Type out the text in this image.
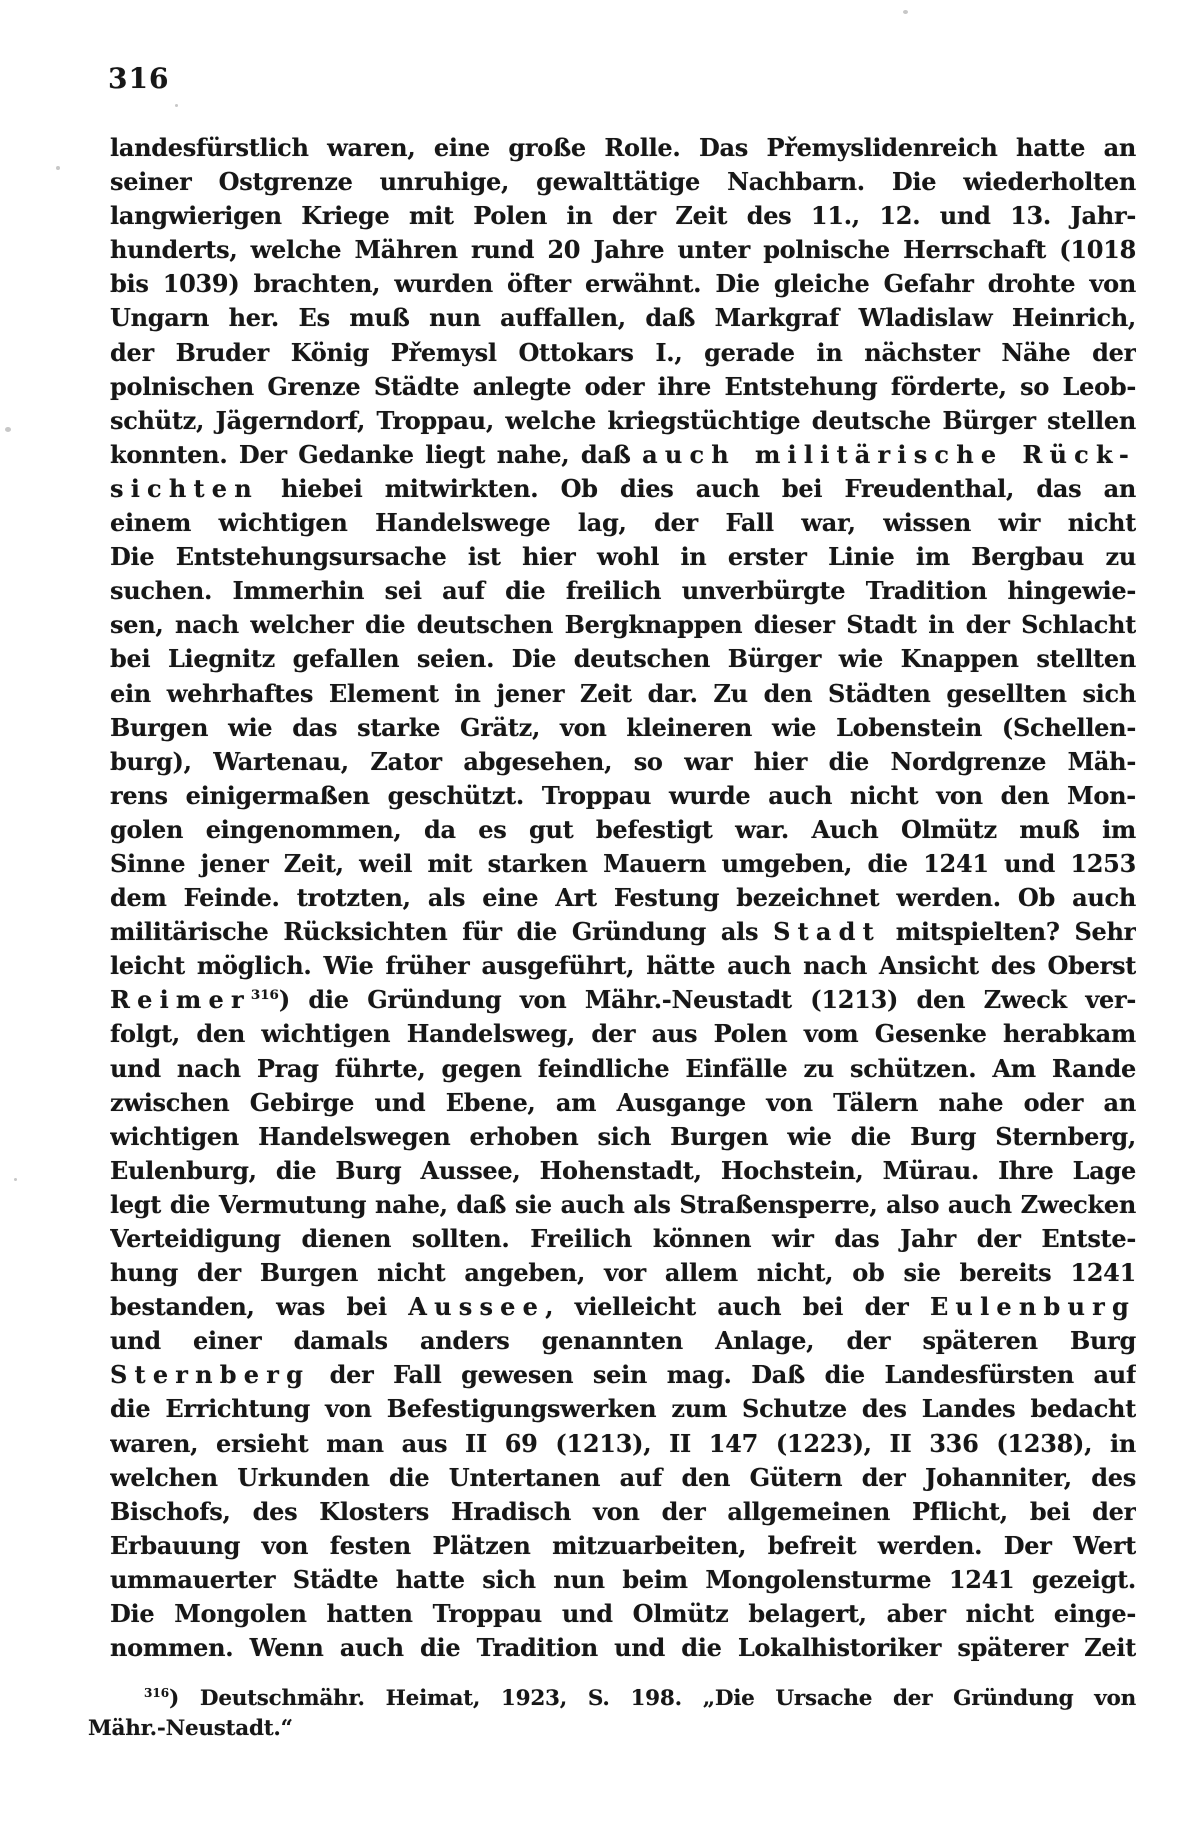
316
landesfürstlich waren, eine große Rolle. Das Přemyslidenreich hatte an
seiner Ostgrenze unruhige, gewalttätige Nachbarn. Die wiederholten
langwierigen Kriege mit Polen in der Zeit des 11., 12. und 13. Jahr-
hunderts, welche Mähren rund 20 Jahre unter polnische Herrschaft (1018
bis 1039) brachten, wurden öfter erwähnt. Die gleiche Gefahr drohte von
Ungarn her. Es muß nun auffallen, daß Markgraf Wladislaw Heinrich,
der Bruder König Přemysl Ottokars I., gerade in nächster Nähe der
polnischen Grenze Städte anlegte oder ihre Entstehung förderte, so Leob-
schütz, Jägerndorf, Troppau, welche kriegstüchtige deutsche Bürger stellen
konnten. Der Gedanke liegt nahe, daß auch militärische Rück-
sichten hiebei mitwirkten. Ob dies auch bei Freudenthal, das an
einem wichtigen Handelswege lag, der Fall war, wissen wir nicht
Die Entstehungsursache ist hier wohl in erster Linie im Bergbau zu
suchen. Immerhin sei auf die freilich unverbürgte Tradition hingewie-
sen, nach welcher die deutschen Bergknappen dieser Stadt in der Schlacht
bei Liegnitz gefallen seien. Die deutschen Bürger wie Knappen stellten
ein wehrhaftes Element in jener Zeit dar. Zu den Städten gesellten sich
Burgen wie das starke Grätz, von kleineren wie Lobenstein (Schellen-
burg), Wartenau, Zator abgesehen, so war hier die Nordgrenze Mäh-
rens einigermaßen geschützt. Troppau wurde auch nicht von den Mon-
golen eingenommen, da es gut befestigt war. Auch Olmütz muß im
Sinne jener Zeit, weil mit starken Mauern umgeben, die 1241 und 1253
dem Feinde. trotzten, als eine Art Festung bezeichnet werden. Ob auch
militärische Rücksichten für die Gründung als Stadt mitspielten? Sehr
leicht möglich. Wie früher ausgeführt, hätte auch nach Ansicht des Oberst
Reimer$^{316}$) die Gründung von Mähr.-Neustadt (1213) den Zweck ver-
folgt, den wichtigen Handelsweg, der aus Polen vom Gesenke herabkam
und nach Prag führte, gegen feindliche Einfälle zu schützen. Am Rande
zwischen Gebirge und Ebene, am Ausgange von Tälern nahe oder an
wichtigen Handelswegen erhoben sich Burgen wie die Burg Sternberg,
Eulenburg, die Burg Aussee, Hohenstadt, Hochstein, Mürau. Ihre Lage
legt die Vermutung nahe, daß sie auch als Straßensperre, also auch Zwecken
Verteidigung dienen sollten. Freilich können wir das Jahr der Entste-
hung der Burgen nicht angeben, vor allem nicht, ob sie bereits 1241
bestanden, was bei Aussee, vielleicht auch bei der Eulenburg
und einer damals anders genannten Anlage, der späteren Burg
Sternberg der Fall gewesen sein mag. Daß die Landesfürsten auf
die Errichtung von Befestigungswerken zum Schutze des Landes bedacht
waren, ersieht man aus II 69 (1213), II 147 (1223), II 336 (1238), in
welchen Urkunden die Untertanen auf den Gütern der Johanniter, des
Bischofs, des Klosters Hradisch von der allgemeinen Pflicht, bei der
Erbauung von festen Plätzen mitzuarbeiten, befreit werden. Der Wert
ummauerter Städte hatte sich nun beim Mongolensturme 1241 gezeigt.
Die Mongolen hatten Troppau und Olmütz belagert, aber nicht einge-
nommen. Wenn auch die Tradition und die Lokalhistoriker späterer Zeit
$^{316}$) Deutschmähr. Heimat, 1923, S. 198. „Die Ursache der Gründung von
Mähr.-Neustadt.“
